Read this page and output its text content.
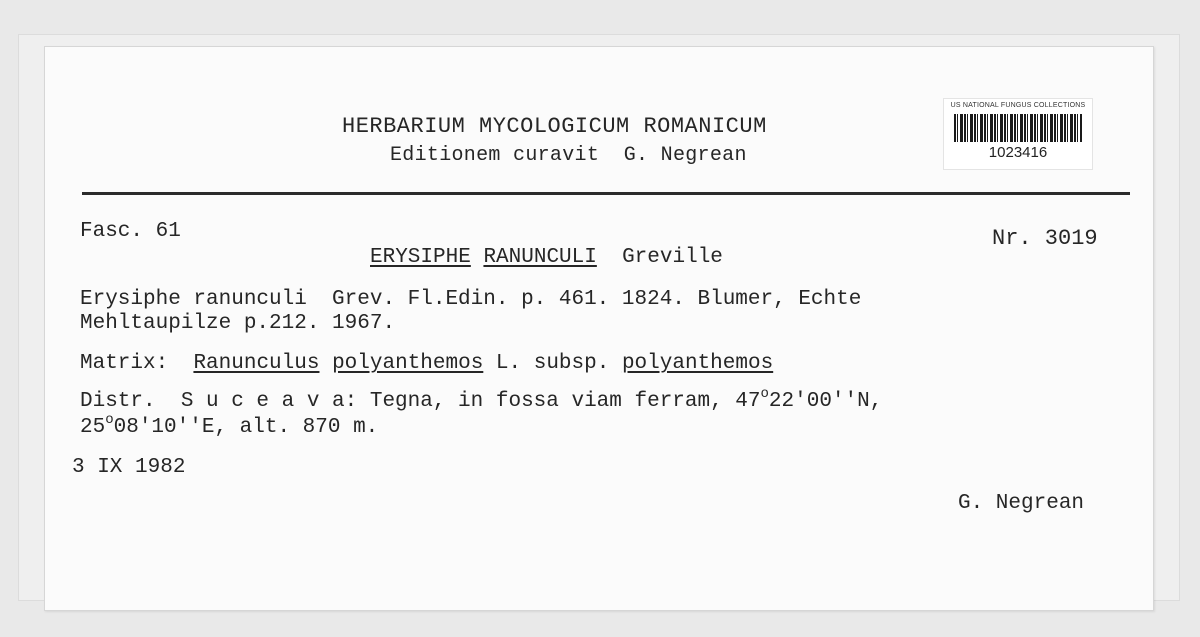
HERBARIUM MYCOLOGICUM ROMANICUM
Editionem curavit  G. Negrean
US NATIONAL FUNGUS COLLECTIONS
1023416
Fasc. 61	Nr. 3019
ERYSIPHE RANUNCULI Greville
Erysiphe ranunculi  Grev. Fl.Edin. p. 461. 1824. Blumer, Echte
Mehltaupilze p.212. 1967.
Matrix: Ranunculus polyanthemos L. subsp. polyanthemos
Distr.  S u c e a v a: Tegna, in fossa viam ferram, 47$^o$22'00''N,
25$^o$08'10''E, alt. 870 m.
3 IX 1982
G. Negrean
